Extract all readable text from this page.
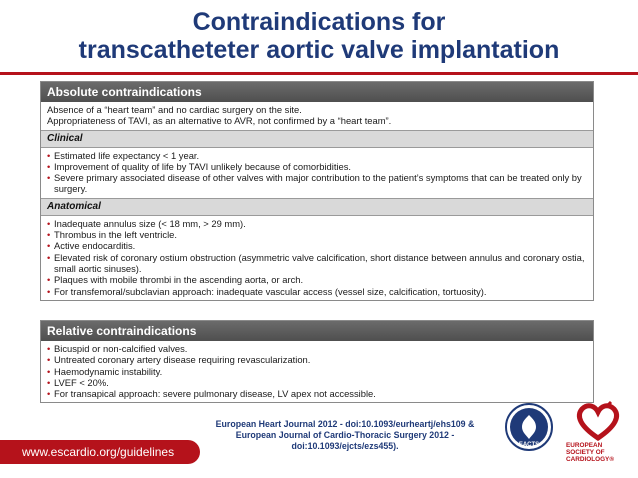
Contraindications for
transcatheteter aortic valve implantation
Absolute contraindications
Absence of a “heart team” and no cardiac surgery on the site.
Appropriateness of TAVI, as an alternative to AVR, not confirmed by a “heart team”.
Clinical
• Estimated life expectancy < 1 year.
• Improvement of quality of life by TAVI unlikely because of comorbidities.
• Severe primary associated disease of other valves with major contribution to the patient’s symptoms that can be treated only by surgery.
Anatomical
• Inadequate annulus size (< 18 mm, > 29 mm).
• Thrombus in the left ventricle.
• Active endocarditis.
• Elevated risk of coronary ostium obstruction (asymmetric valve calcification, short distance between annulus and coronary ostia, small aortic sinuses).
• Plaques with mobile thrombi in the ascending aorta, or arch.
• For transfemoral/subclavian approach: inadequate vascular access (vessel size, calcification, tortuosity).
Relative contraindications
• Bicuspid or non-calcified valves.
• Untreated coronary artery disease requiring revascularization.
• Haemodynamic instability.
• LVEF < 20%.
• For transapical approach: severe pulmonary disease, LV apex not accessible.
www.escardio.org/guidelines
European Heart Journal 2012 - doi:10.1093/eurheartj/ehs109 &
European Journal of Cardio-Thoracic Surgery 2012 -
doi:10.1093/ejcts/ezs455).	EACTS	EUROPEAN
SOCIETY OF
CARDIOLOGY®
